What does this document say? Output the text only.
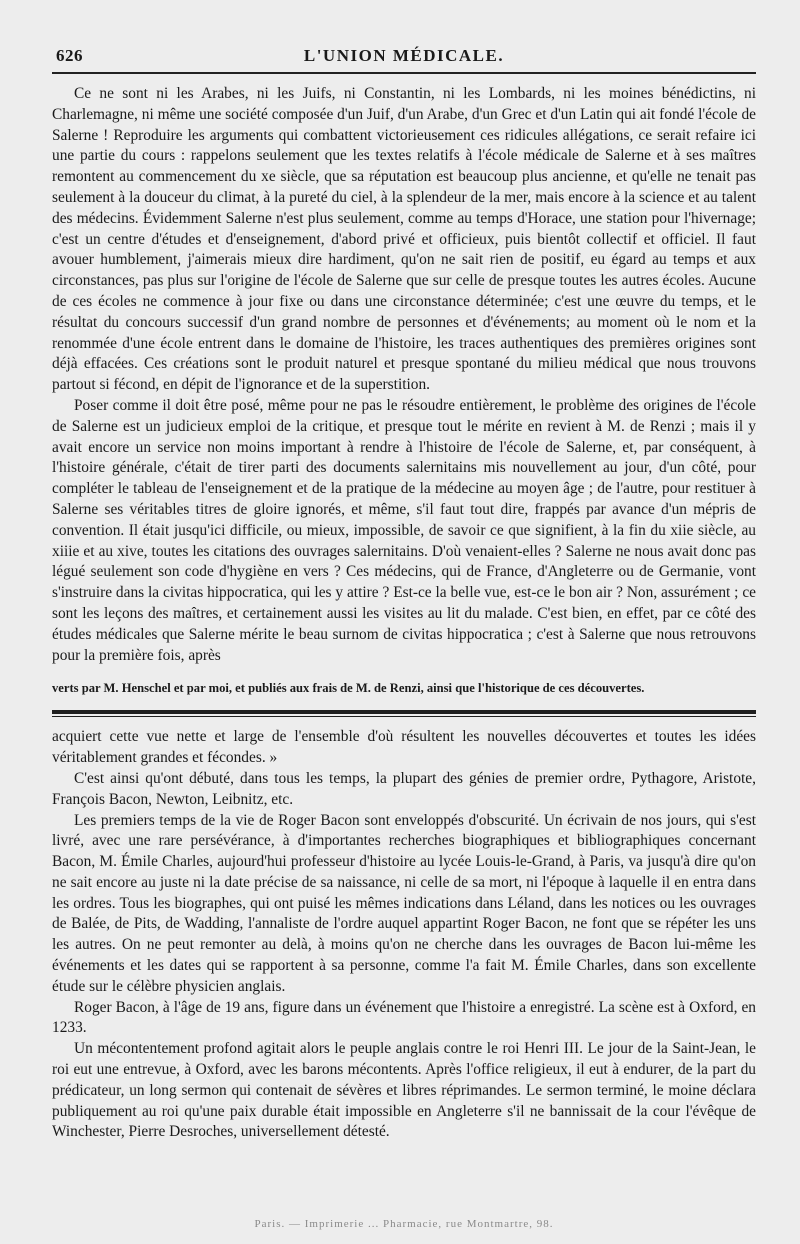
626	L'UNION MÉDICALE.

Ce ne sont ni les Arabes, ni les Juifs, ni Constantin, ni les Lombards, ni les moines bénédictins, ni Charlemagne, ni même une société composée d'un Juif, d'un Arabe, d'un Grec et d'un Latin qui ait fondé l'école de Salerne ! Reproduire les arguments qui combattent victorieusement ces ridicules allégations, ce serait refaire ici une partie du cours : rappelons seulement que les textes relatifs à l'école médicale de Salerne et à ses maîtres remontent au commencement du xe siècle, que sa réputation est beaucoup plus ancienne, et qu'elle ne tenait pas seulement à la douceur du climat, à la pureté du ciel, à la splendeur de la mer, mais encore à la science et au talent des médecins. Évidemment Salerne n'est plus seulement, comme au temps d'Horace, une station pour l'hivernage; c'est un centre d'études et d'enseignement, d'abord privé et officieux, puis bientôt collectif et officiel. Il faut avouer humblement, j'aimerais mieux dire hardiment, qu'on ne sait rien de positif, eu égard au temps et aux circonstances, pas plus sur l'origine de l'école de Salerne que sur celle de presque toutes les autres écoles. Aucune de ces écoles ne commence à jour fixe ou dans une circonstance déterminée; c'est une œuvre du temps, et le résultat du concours successif d'un grand nombre de personnes et d'événements; au moment où le nom et la renommée d'une école entrent dans le domaine de l'histoire, les traces authentiques des premières origines sont déjà effacées. Ces créations sont le produit naturel et presque spontané du milieu médical que nous trouvons partout si fécond, en dépit de l'ignorance et de la superstition.

Poser comme il doit être posé, même pour ne pas le résoudre entièrement, le problème des origines de l'école de Salerne est un judicieux emploi de la critique, et presque tout le mérite en revient à M. de Renzi ; mais il y avait encore un service non moins important à rendre à l'histoire de l'école de Salerne, et, par conséquent, à l'histoire générale, c'était de tirer parti des documents salernitains mis nouvellement au jour, d'un côté, pour compléter le tableau de l'enseignement et de la pratique de la médecine au moyen âge ; de l'autre, pour restituer à Salerne ses véritables titres de gloire ignorés, et même, s'il faut tout dire, frappés par avance d'un mépris de convention. Il était jusqu'ici difficile, ou mieux, impossible, de savoir ce que signifient, à la fin du xiie siècle, au xiiie et au xive, toutes les citations des ouvrages salernitains. D'où venaient-elles ? Salerne ne nous avait donc pas légué seulement son code d'hygiène en vers ? Ces médecins, qui de France, d'Angleterre ou de Germanie, vont s'instruire dans la civitas hippocratica, qui les y attire ? Est-ce la belle vue, est-ce le bon air ? Non, assurément ; ce sont les leçons des maîtres, et certainement aussi les visites au lit du malade. C'est bien, en effet, par ce côté des études médicales que Salerne mérite le beau surnom de civitas hippocratica ; c'est à Salerne que nous retrouvons pour la première fois, après

verts par M. Henschel et par moi, et publiés aux frais de M. de Renzi, ainsi que l'historique de ces découvertes.

acquiert cette vue nette et large de l'ensemble d'où résultent les nouvelles découvertes et toutes les idées véritablement grandes et fécondes. »

C'est ainsi qu'ont débuté, dans tous les temps, la plupart des génies de premier ordre, Pythagore, Aristote, François Bacon, Newton, Leibnitz, etc.

Les premiers temps de la vie de Roger Bacon sont enveloppés d'obscurité. Un écrivain de nos jours, qui s'est livré, avec une rare persévérance, à d'importantes recherches biographiques et bibliographiques concernant Bacon, M. Émile Charles, aujourd'hui professeur d'histoire au lycée Louis-le-Grand, à Paris, va jusqu'à dire qu'on ne sait encore au juste ni la date précise de sa naissance, ni celle de sa mort, ni l'époque à laquelle il en entra dans les ordres. Tous les biographes, qui ont puisé les mêmes indications dans Léland, dans les notices ou les ouvrages de Balée, de Pits, de Wadding, l'annaliste de l'ordre auquel appartint Roger Bacon, ne font que se répéter les uns les autres. On ne peut remonter au delà, à moins qu'on ne cherche dans les ouvrages de Bacon lui-même les événements et les dates qui se rapportent à sa personne, comme l'a fait M. Émile Charles, dans son excellente étude sur le célèbre physicien anglais.

Roger Bacon, à l'âge de 19 ans, figure dans un événement que l'histoire a enregistré. La scène est à Oxford, en 1233.

Un mécontentement profond agitait alors le peuple anglais contre le roi Henri III. Le jour de la Saint-Jean, le roi eut une entrevue, à Oxford, avec les barons mécontents. Après l'office religieux, il eut à endurer, de la part du prédicateur, un long sermon qui contenait de sévères et libres réprimandes. Le sermon terminé, le moine déclara publiquement au roi qu'une paix durable était impossible en Angleterre s'il ne bannissait de la cour l'évêque de Winchester, Pierre Desroches, universellement détesté.

Paris. — Imprimerie ... Pharmacie, rue Montmartre, 98.
